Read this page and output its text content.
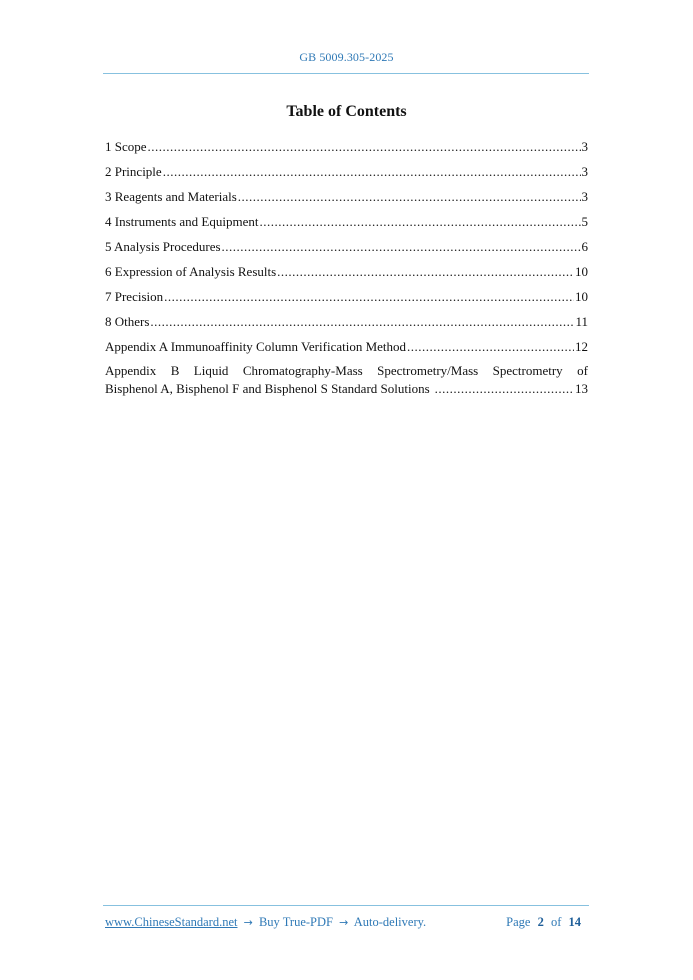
GB 5009.305-2025
Table of Contents
1 Scope .....	3
2 Principle .....	3
3 Reagents and Materials .....	3
4 Instruments and Equipment .....	5
5 Analysis Procedures .....	6
6 Expression of Analysis Results .....	10
7 Precision .....	10
8 Others .....	11
Appendix A Immunoaffinity Column Verification Method .....	12
Appendix B Liquid Chromatography-Mass Spectrometry/Mass Spectrometry of
Bisphenol A, Bisphenol F and Bisphenol S Standard Solutions .....	13
www.ChineseStandard.net → Buy True-PDF → Auto-delivery.	Page 2 of 14
